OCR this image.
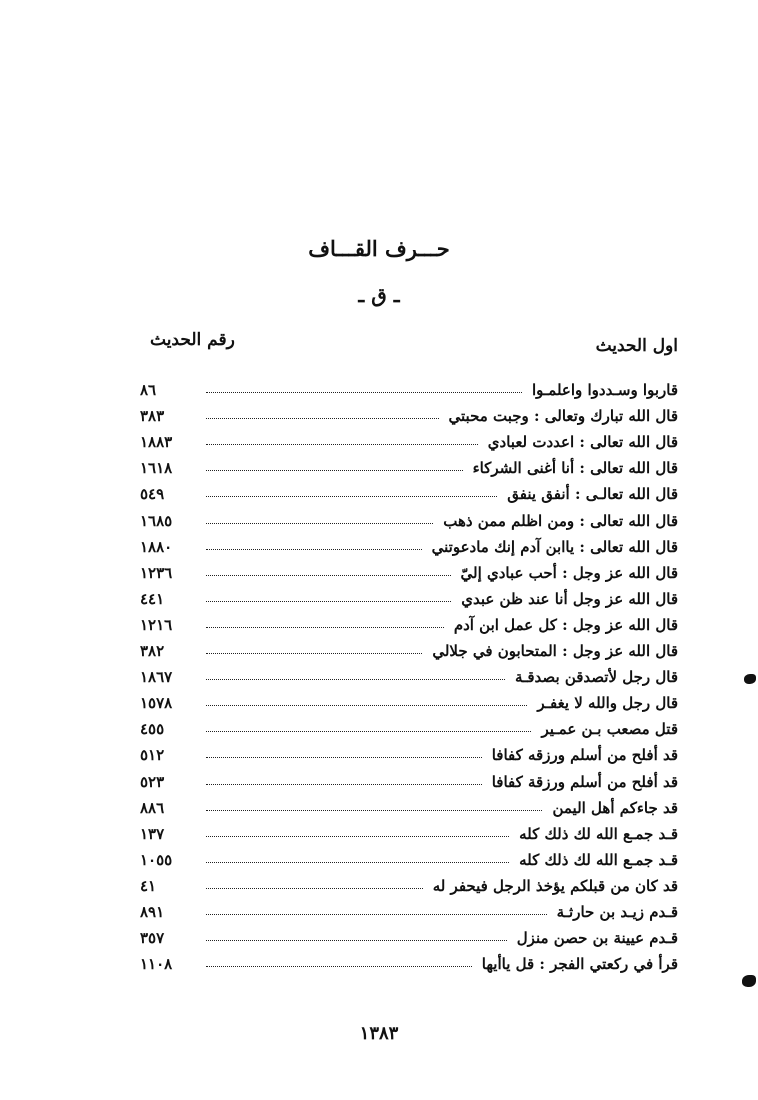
حـــرف القـــاف
ـ ق ـ
اول الحديث
رقم الحديث
قاربوا وسـددوا واعلمـوا
٨٦
قال الله تبارك وتعالى : وجبت محبتي
٣٨٣
قال الله تعالى : اعددت لعبادي
١٨٨٣
قال الله تعالى : أنا أغنى الشركاء
١٦١٨
قال الله تعالـى : أنفق ينفق
٥٤٩
قال الله تعالى : ومن اظلم ممن ذهب
١٦٨٥
قال الله تعالى : ياابن آدم إنك مادعوتني
١٨٨٠
قال الله عز وجل : أحب عبادي إليّ
١٢٣٦
قال الله عز وجل أنا عند ظن عبدي
٤٤١
قال الله عز وجل : كل عمل ابن آدم
١٢١٦
قال الله عز وجل : المتحابون في جلالي
٣٨٢
قال رجل لأتصدقن بصدقـة
١٨٦٧
قال رجل والله لا يغفـر
١٥٧٨
قتل مصعب بـن عمـير
٤٥٥
قد أفلح من أسلم ورزقه كفافا
٥١٢
قد أفلح من أسلم ورزقة كفافا
٥٢٣
قد جاءكم أهل اليمن
٨٨٦
قـد جمـع الله لك ذلك كله
١٣٧
قـد جمـع الله لك ذلك كله
١٠٥٥
قد كان من قبلكم يؤخذ الرجل فيحفر له
٤١
قـدم زيـد بن حارثـة
٨٩١
قـدم عيينة بن حصن منزل
٣٥٧
قرأ في ركعتي الفجر : قل ياأيها
١١٠٨
١٣٨٣
